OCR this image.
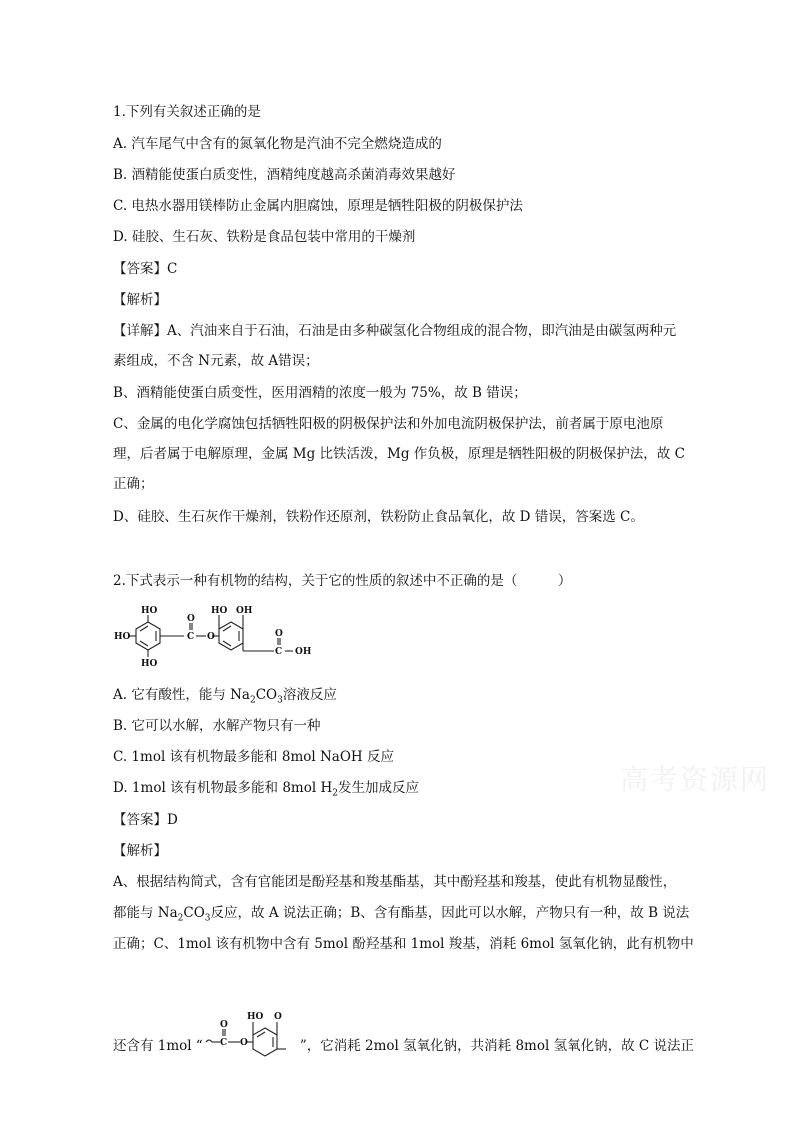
1.下列有关叙述正确的是
A. 汽车尾气中含有的氮氧化物是汽油不完全燃烧造成的
B. 酒精能使蛋白质变性，酒精纯度越高杀菌消毒效果越好
C. 电热水器用镁棒防止金属内胆腐蚀，原理是牺牲阳极的阴极保护法
D. 硅胶、生石灰、铁粉是食品包装中常用的干燥剂
【答案】C
【解析】
【详解】A、汽油来自于石油，石油是由多种碳氢化合物组成的混合物，即汽油是由碳氢两种元素组成，不含 N元素，故 A错误；
B、酒精能使蛋白质变性，医用酒精的浓度一般为 75%，故 B 错误；
C、金属的电化学腐蚀包括牺牲阳极的阴极保护法和外加电流阴极保护法，前者属于原电池原理，后者属于电解原理，金属 Mg 比铁活泼，Mg 作负极，原理是牺牲阳极的阴极保护法，故 C 正确；
D、硅胶、生石灰作干燥剂，铁粉作还原剂，铁粉防止食品氧化，故 D 错误，答案选 C。
2.下式表示一种有机物的结构，关于它的性质的叙述中不正确的是（　　　）
HO
HO
HO
C
O
O
HO OH
C
O
OH
A. 它有酸性，能与 $Na_2CO_3$溶液反应
B. 它可以水解，水解产物只有一种
C. 1mol 该有机物最多能和 8mol NaOH 反应
D. 1mol 该有机物最多能和 8mol $H_2$发生加成反应
【答案】D
【解析】
A、根据结构简式，含有官能团是酚羟基和羧基酯基，其中酚羟基和羧基，使此有机物显酸性，
都能与 $Na_2CO_3$反应，故 A 说法正确；B、含有酯基，因此可以水解，产物只有一种，故 B 说法
正确；C、1mol 该有机物中含有 5mol 酚羟基和 1mol 羧基，消耗 6mol 氢氧化钠，此有机物中
还含有 1mol “
HO O
C
O
O	”，它消耗 2mol 氢氧化钠，共消耗 8mol 氢氧化钠，故 C 说法正
高考资源网
